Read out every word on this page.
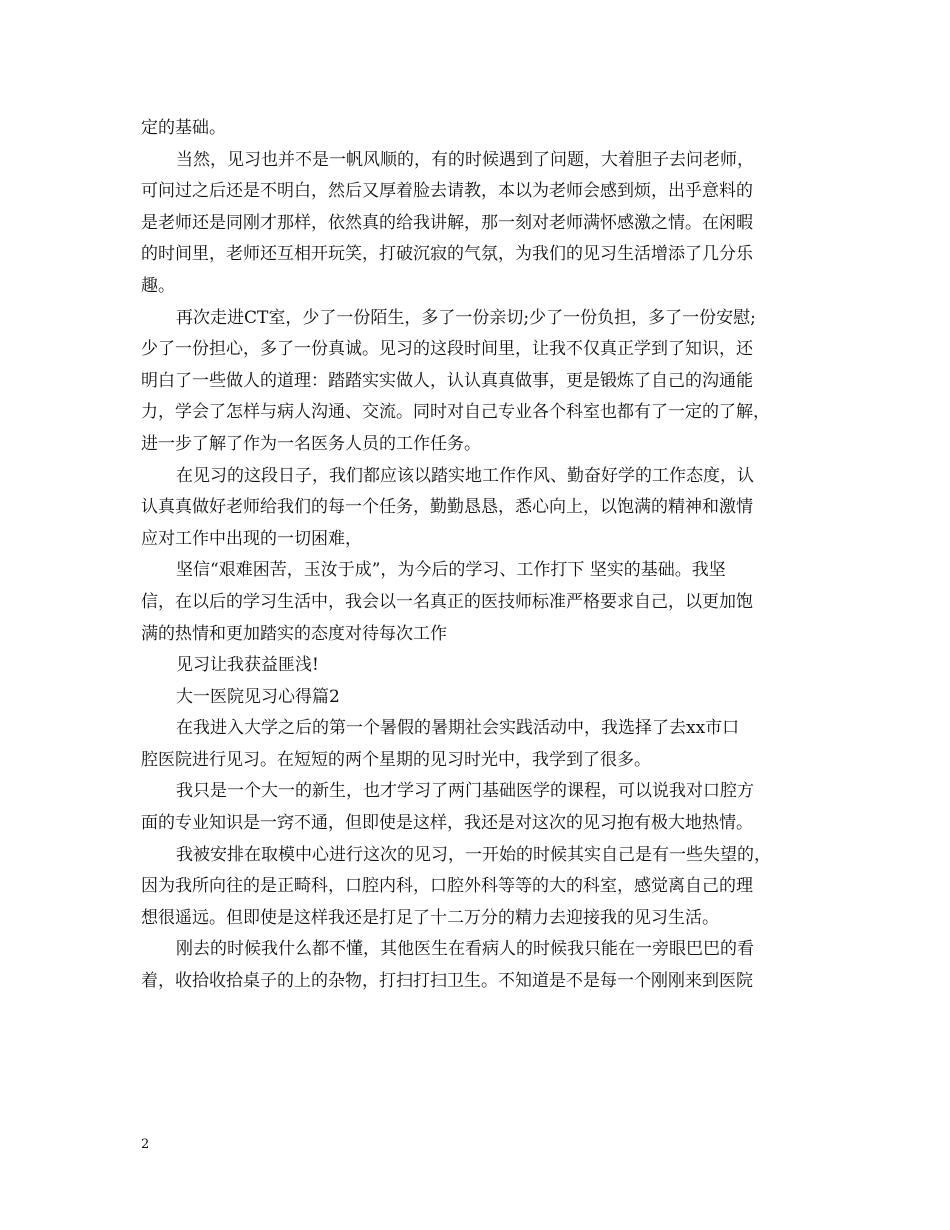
定的基础。
当然，见习也并不是一帆风顺的，有的时候遇到了问题，大着胆子去问老师，
可问过之后还是不明白，然后又厚着脸去请教，本以为老师会感到烦，出乎意料的
是老师还是同刚才那样，依然真的给我讲解，那一刻对老师满怀感激之情。在闲暇
的时间里，老师还互相开玩笑，打破沉寂的气氛，为我们的见习生活增添了几分乐
趣。
再次走进CT室，少了一份陌生，多了一份亲切;少了一份负担，多了一份安慰;
少了一份担心，多了一份真诚。见习的这段时间里，让我不仅真正学到了知识，还
明白了一些做人的道理：踏踏实实做人，认认真真做事，更是锻炼了自己的沟通能
力，学会了怎样与病人沟通、交流。同时对自己专业各个科室也都有了一定的了解，
进一步了解了作为一名医务人员的工作任务。
在见习的这段日子，我们都应该以踏实地工作作风、勤奋好学的工作态度，认
认真真做好老师给我们的每一个任务，勤勤恳恳，悉心向上，以饱满的精神和激情
应对工作中出现的一切困难，
坚信“艰难困苦，玉汝于成”，为今后的学习、工作打下 坚实的基础。我坚
信，在以后的学习生活中，我会以一名真正的医技师标准严格要求自己，以更加饱
满的热情和更加踏实的态度对待每次工作
见习让我获益匪浅!
大一医院见习心得篇2
在我进入大学之后的第一个暑假的暑期社会实践活动中，我选择了去xx市口
腔医院进行见习。在短短的两个星期的见习时光中，我学到了很多。
我只是一个大一的新生，也才学习了两门基础医学的课程，可以说我对口腔方
面的专业知识是一窍不通，但即使是这样，我还是对这次的见习抱有极大地热情。
我被安排在取模中心进行这次的见习，一开始的时候其实自己是有一些失望的，
因为我所向往的是正畸科，口腔内科，口腔外科等等的大的科室，感觉离自己的理
想很遥远。但即使是这样我还是打足了十二万分的精力去迎接我的见习生活。
刚去的时候我什么都不懂，其他医生在看病人的时候我只能在一旁眼巴巴的看
着，收拾收拾桌子的上的杂物，打扫打扫卫生。不知道是不是每一个刚刚来到医院
2
